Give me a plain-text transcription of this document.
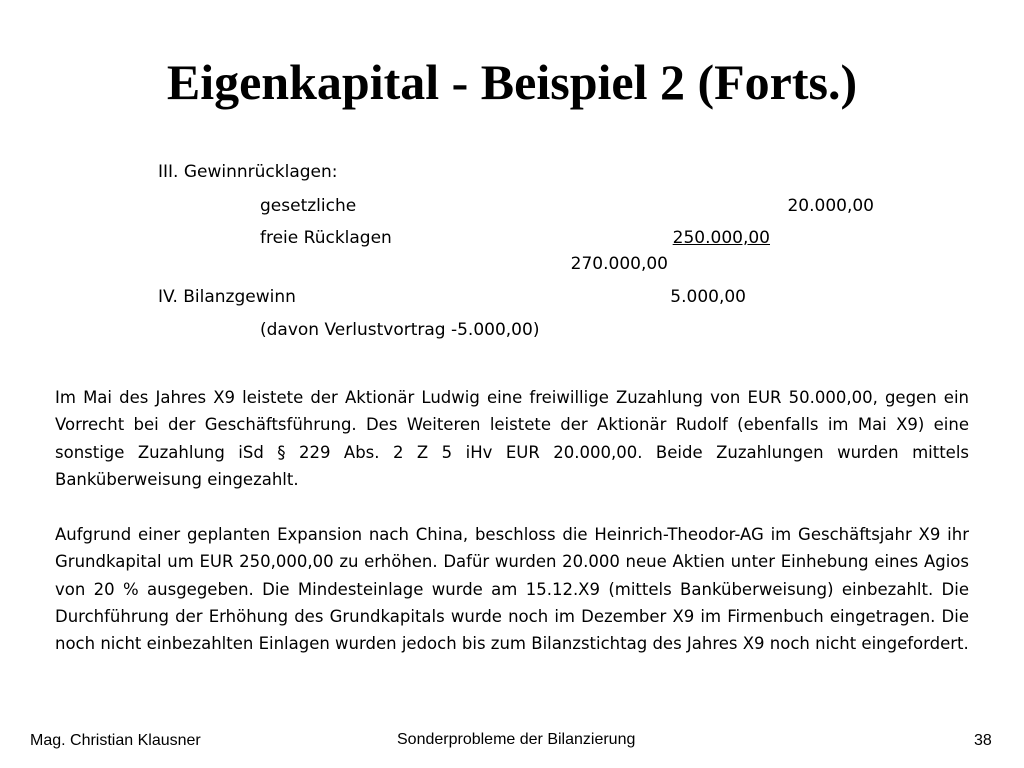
Eigenkapital - Beispiel 2 (Forts.)
III. Gewinnrücklagen:
gesetzliche	20.000,00
freie Rücklagen	250.000,00
270.000,00
IV. Bilanzgewinn	5.000,00
(davon Verlustvortrag -5.000,00)

Im Mai des Jahres X9 leistete der Aktionär Ludwig eine freiwillige Zuzahlung von EUR 50.000,00, gegen ein Vorrecht bei der Geschäftsführung. Des Weiteren leistete der Aktionär Rudolf (ebenfalls im Mai X9) eine sonstige Zuzahlung iSd § 229 Abs. 2 Z 5 iHv EUR 20.000,00. Beide Zuzahlungen wurden mittels Banküberweisung eingezahlt.

Aufgrund einer geplanten Expansion nach China, beschloss die Heinrich-Theodor-AG im Geschäftsjahr X9 ihr Grundkapital um EUR 250,000,00 zu erhöhen. Dafür wurden 20.000 neue Aktien unter Einhebung eines Agios von 20 % ausgegeben. Die Mindesteinlage wurde am 15.12.X9 (mittels Banküberweisung) einbezahlt. Die Durchführung der Erhöhung des Grundkapitals wurde noch im Dezember X9 im Firmenbuch eingetragen. Die noch nicht einbezahlten Einlagen wurden jedoch bis zum Bilanzstichtag des Jahres X9 noch nicht eingefordert.

Mag. Christian Klausner	Sonderprobleme der Bilanzierung	38
